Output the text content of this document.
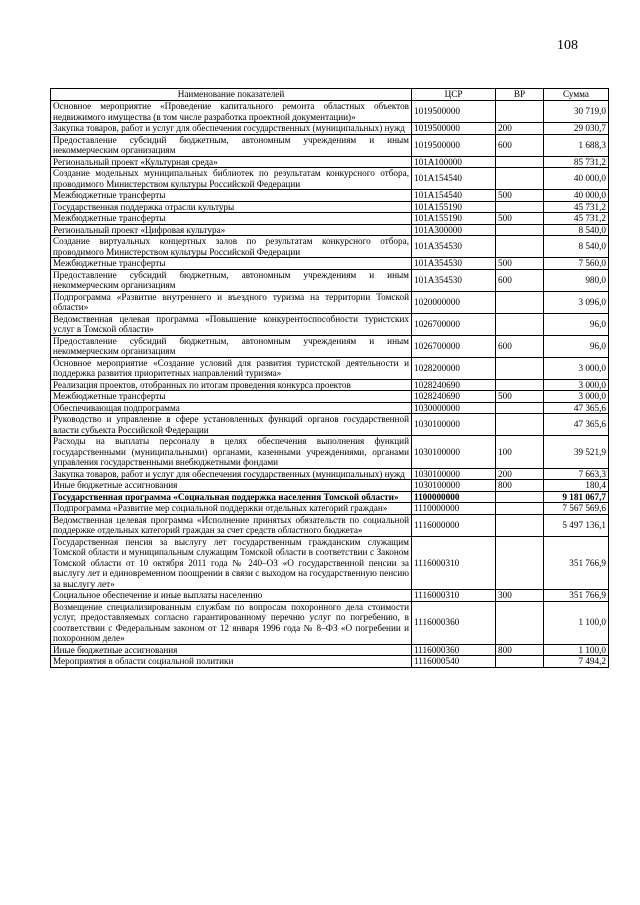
108
Наименование показателей	ЦСР	ВР	Сумма
Основное мероприятие «Проведение капитального ремонта областных объектов недвижимого имущества (в том числе разработка проектной документации)»	1019500000		30 719,0
Закупка товаров, работ и услуг для обеспечения государственных (муниципальных) нужд	1019500000	200	29 030,7
Предоставление субсидий бюджетным, автономным учреждениям и иным некоммерческим организациям	1019500000	600	1 688,3
Региональный проект «Культурная среда»	101А100000		85 731,2
Создание модельных муниципальных библиотек по результатам конкурсного отбора, проводимого Министерством культуры Российской Федерации	101А154540		40 000,0
Межбюджетные трансферты	101А154540	500	40 000,0
Государственная поддержка отрасли культуры	101А155190		45 731,2
Межбюджетные трансферты	101А155190	500	45 731,2
Региональный проект «Цифровая культура»	101А300000		8 540,0
Создание виртуальных концертных залов по результатам конкурсного отбора, проводимого Министерством культуры Российской Федерации	101А354530		8 540,0
Межбюджетные трансферты	101А354530	500	7 560,0
Предоставление субсидий бюджетным, автономным учреждениям и иным некоммерческим организациям	101А354530	600	980,0
Подпрограмма «Развитие внутреннего и въездного туризма на территории Томской области»	1020000000		3 096,0
Ведомственная целевая программа «Повышение конкурентоспособности туристских услуг в Томской области»	1026700000		96,0
Предоставление субсидий бюджетным, автономным учреждениям и иным некоммерческим организациям	1026700000	600	96,0
Основное мероприятие «Создание условий для развития туристской деятельности и поддержка развития приоритетных направлений туризма»	1028200000		3 000,0
Реализация проектов, отобранных по итогам проведения конкурса проектов	1028240690		3 000,0
Межбюджетные трансферты	1028240690	500	3 000,0
Обеспечивающая подпрограмма	1030000000		47 365,6
Руководство и управление в сфере установленных функций органов государственной власти субъекта Российской Федерации	1030100000		47 365,6
Расходы на выплаты персоналу в целях обеспечения выполнения функций государственными (муниципальными) органами, казенными учреждениями, органами управления государственными внебюджетными фондами	1030100000	100	39 521,9
Закупка товаров, работ и услуг для обеспечения государственных (муниципальных) нужд	1030100000	200	7 663,3
Иные бюджетные ассигнования	1030100000	800	180,4
Государственная программа «Социальная поддержка населения Томской области»	1100000000		9 181 067,7
Подпрограмма «Развитие мер социальной поддержки отдельных категорий граждан»	1110000000		7 567 569,6
Ведомственная целевая программа «Исполнение принятых обязательств по социальной поддержке отдельных категорий граждан за счет средств областного бюджета»	1116000000		5 497 136,1
Государственная пенсия за выслугу лет государственным гражданским служащим Томской области и муниципальным служащим Томской области в соответствии с Законом Томской области от 10 октября 2011 года № 240–ОЗ «О государственной пенсии за выслугу лет и единовременном поощрении в связи с выходом на государственную пенсию за выслугу лет»	1116000310		351 766,9
Социальное обеспечение и иные выплаты населению	1116000310	300	351 766,9
Возмещение специализированным службам по вопросам похоронного дела стоимости услуг, предоставляемых согласно гарантированному перечню услуг по погребению, в соответствии с Федеральным законом от 12 января 1996 года № 8–ФЗ «О погребении и похоронном деле»	1116000360		1 100,0
Иные бюджетные ассигнования	1116000360	800	1 100,0
Мероприятия в области социальной политики	1116000540		7 494,2
